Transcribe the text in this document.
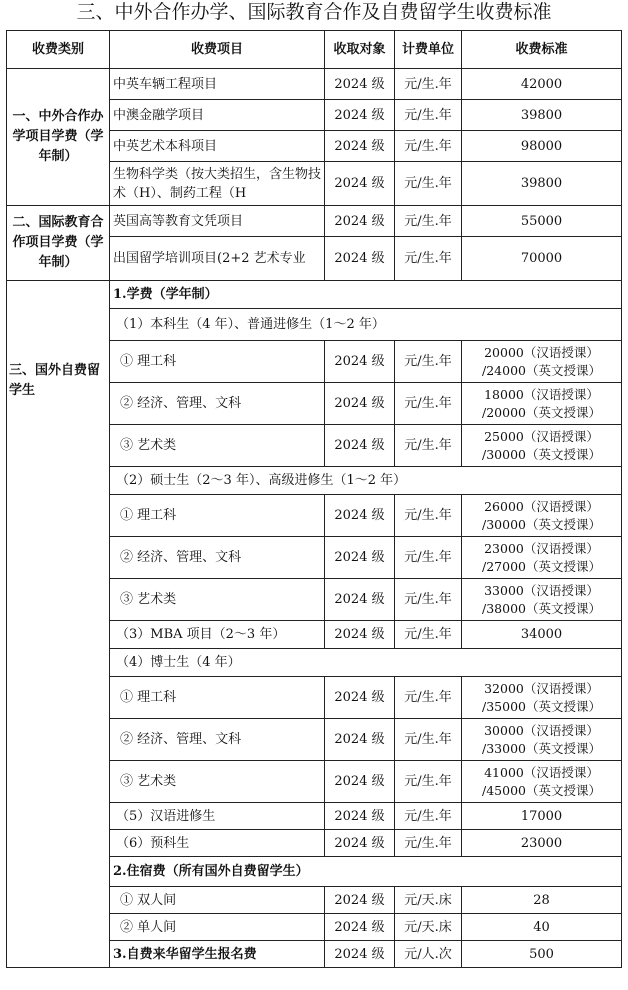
三、中外合作办学、国际教育合作及自费留学生收费标准
收费类别	收费项目	收取对象	计费单位	收费标准
一、中外合作办学项目学费（学年制）	中英车辆工程项目	2024 级	元/生.年	42000
	中澳金融学项目	2024 级	元/生.年	39800
	中英艺术本科项目	2024 级	元/生.年	98000
	生物科学类（按大类招生，含生物技术（H）、制药工程（H	2024 级	元/生.年	39800
二、国际教育合作项目学费（学年制）	英国高等教育文凭项目	2024 级	元/生.年	55000
	出国留学培训项目(2+2 艺术专业	2024 级	元/生.年	70000
三、国外自费留学生	1.学费（学年制）			
	（1）本科生（4 年）、普通进修生（1～2 年）			
	① 理工科	2024 级	元/生.年	20000（汉语授课）
/24000（英文授课）

	② 经济、管理、文科	2024 级	元/生.年	18000（汉语授课）
/20000（英文授课）

	③ 艺术类	2024 级	元/生.年	25000（汉语授课）
/30000（英文授课）

	（2）硕士生（2～3 年）、高级进修生（1～2 年）			
	① 理工科	2024 级	元/生.年	26000（汉语授课）
/30000（英文授课）

	② 经济、管理、文科	2024 级	元/生.年	23000（汉语授课）
/27000（英文授课）

	③ 艺术类	2024 级	元/生.年	33000（汉语授课）
/38000（英文授课）

	（3）MBA 项目（2～3 年）	2024 级	元/生.年	34000
	（4）博士生（4 年）			
	① 理工科	2024 级	元/生.年	32000（汉语授课）
/35000（英文授课）

	② 经济、管理、文科	2024 级	元/生.年	30000（汉语授课）
/33000（英文授课）

	③ 艺术类	2024 级	元/生.年	41000（汉语授课）
/45000（英文授课）

	（5）汉语进修生	2024 级	元/生.年	17000
	（6）预科生	2024 级	元/生.年	23000
	2.住宿费（所有国外自费留学生）			
	① 双人间	2024 级	元/天.床	28
	② 单人间	2024 级	元/天.床	40
	3.自费来华留学生报名费	2024 级	元/人.次	500
